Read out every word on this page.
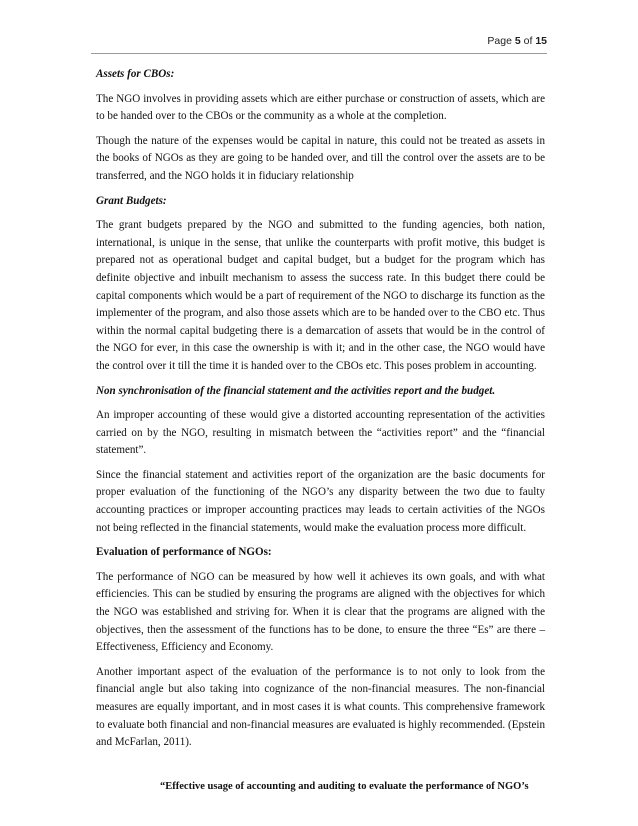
Page 5 of 15

Assets for CBOs:

The NGO involves in providing assets which are either purchase or construction of assets, which are to be handed over to the CBOs or the community as a whole at the completion.

Though the nature of the expenses would be capital in nature, this could not be treated as assets in the books of NGOs as they are going to be handed over, and till the control over the assets are to be transferred, and the NGO holds it in fiduciary relationship

Grant Budgets:

The grant budgets prepared by the NGO and submitted to the funding agencies, both nation, international, is unique in the sense, that unlike the counterparts with profit motive, this budget is prepared not as operational budget and capital budget, but a budget for the program which has definite objective and inbuilt mechanism to assess the success rate. In this budget there could be capital components which would be a part of requirement of the NGO to discharge its function as the implementer of the program, and also those assets which are to be handed over to the CBO etc. Thus within the normal capital budgeting there is a demarcation of assets that would be in the control of the NGO for ever, in this case the ownership is with it; and in the other case, the NGO would have the control over it till the time it is handed over to the CBOs etc. This poses problem in accounting.

Non synchronisation of the financial statement and the activities report and the budget.

An improper accounting of these would give a distorted accounting representation of the activities carried on by the NGO, resulting in mismatch between the “activities report” and the “financial statement”.

Since the financial statement and activities report of the organization are the basic documents for proper evaluation of the functioning of the NGO’s any disparity between the two due to faulty accounting practices or improper accounting practices may leads to certain activities of the NGOs not being reflected in the financial statements, would make the evaluation process more difficult.

Evaluation of performance of NGOs:

The performance of NGO can be measured by how well it achieves its own goals, and with what efficiencies. This can be studied by ensuring the programs are aligned with the objectives for which the NGO was established and striving for. When it is clear that the programs are aligned with the objectives, then the assessment of the functions has to be done, to ensure the three “Es” are there – Effectiveness, Efficiency and Economy.

Another important aspect of the evaluation of the performance is to not only to look from the financial angle but also taking into cognizance of the non-financial measures. The non-financial measures are equally important, and in most cases it is what counts. This comprehensive framework to evaluate both financial and non-financial measures are evaluated is highly recommended. (Epstein and McFarlan, 2011).

“Effective usage of accounting and auditing to evaluate the performance of NGO’s
